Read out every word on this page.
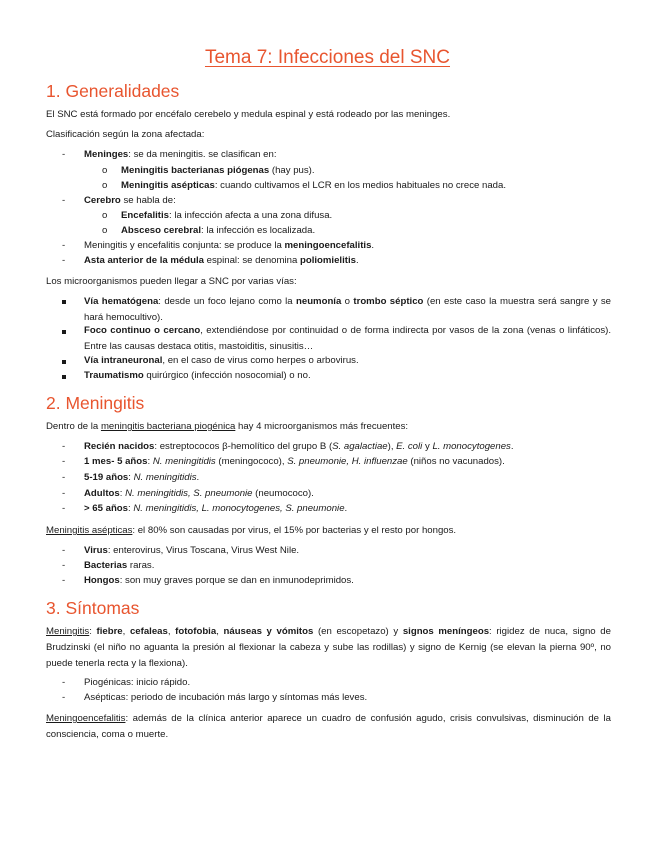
Tema 7: Infecciones del SNC
1. Generalidades
El SNC está formado por encéfalo cerebelo y medula espinal y está rodeado por las meninges.
Clasificación según la zona afectada:
- Meninges: se da meningitis. se clasifican en:
o Meningitis bacterianas piógenas (hay pus).
o Meningitis asépticas: cuando cultivamos el LCR en los medios habituales no crece nada.
- Cerebro se habla de:
o Encefalitis: la infección afecta a una zona difusa.
o Absceso cerebral: la infección es localizada.
- Meningitis y encefalitis conjunta: se produce la meningoencefalitis.
- Asta anterior de la médula espinal: se denomina poliomielitis.
Los microorganismos pueden llegar a SNC por varias vías:
Vía hematógena: desde un foco lejano como la neumonía o trombo séptico (en este caso la muestra será sangre y se hará hemocultivo).
Foco continuo o cercano, extendiéndose por continuidad o de forma indirecta por vasos de la zona (venas o linfáticos). Entre las causas destaca otitis, mastoiditis, sinusitis…
Vía intraneuronal, en el caso de virus como herpes o arbovirus.
Traumatismo quirúrgico (infección nosocomial) o no.
2. Meningitis
Dentro de la meningitis bacteriana piogénica hay 4 microorganismos más frecuentes:
- Recién nacidos: estreptococos β-hemolítico del grupo B (S. agalactiae), E. coli y L. monocytogenes.
- 1 mes- 5 años: N. meningitidis (meningococo), S. pneumonie, H. influenzae (niños no vacunados).
- 5-19 años: N. meningitidis.
- Adultos: N. meningitidis, S. pneumonie (neumococo).
- > 65 años: N. meningitidis, L. monocytogenes, S. pneumonie.
Meningitis asépticas: el 80% son causadas por virus, el 15% por bacterias y el resto por hongos.
- Virus: enterovirus, Virus Toscana, Virus West Nile.
- Bacterias raras.
- Hongos: son muy graves porque se dan en inmunodeprimidos.
3. Síntomas
Meningitis: fiebre, cefaleas, fotofobia, náuseas y vómitos (en escopetazo) y signos meníngeos: rigidez de nuca, signo de Brudzinski (el niño no aguanta la presión al flexionar la cabeza y sube las rodillas) y signo de Kernig (se elevan la pierna 90º, no puede tenerla recta y la flexiona).
- Piogénicas: inicio rápido.
- Asépticas: periodo de incubación más largo y síntomas más leves.
Meningoencefalitis: además de la clínica anterior aparece un cuadro de confusión agudo, crisis convulsivas, disminución de la consciencia, coma o muerte.
